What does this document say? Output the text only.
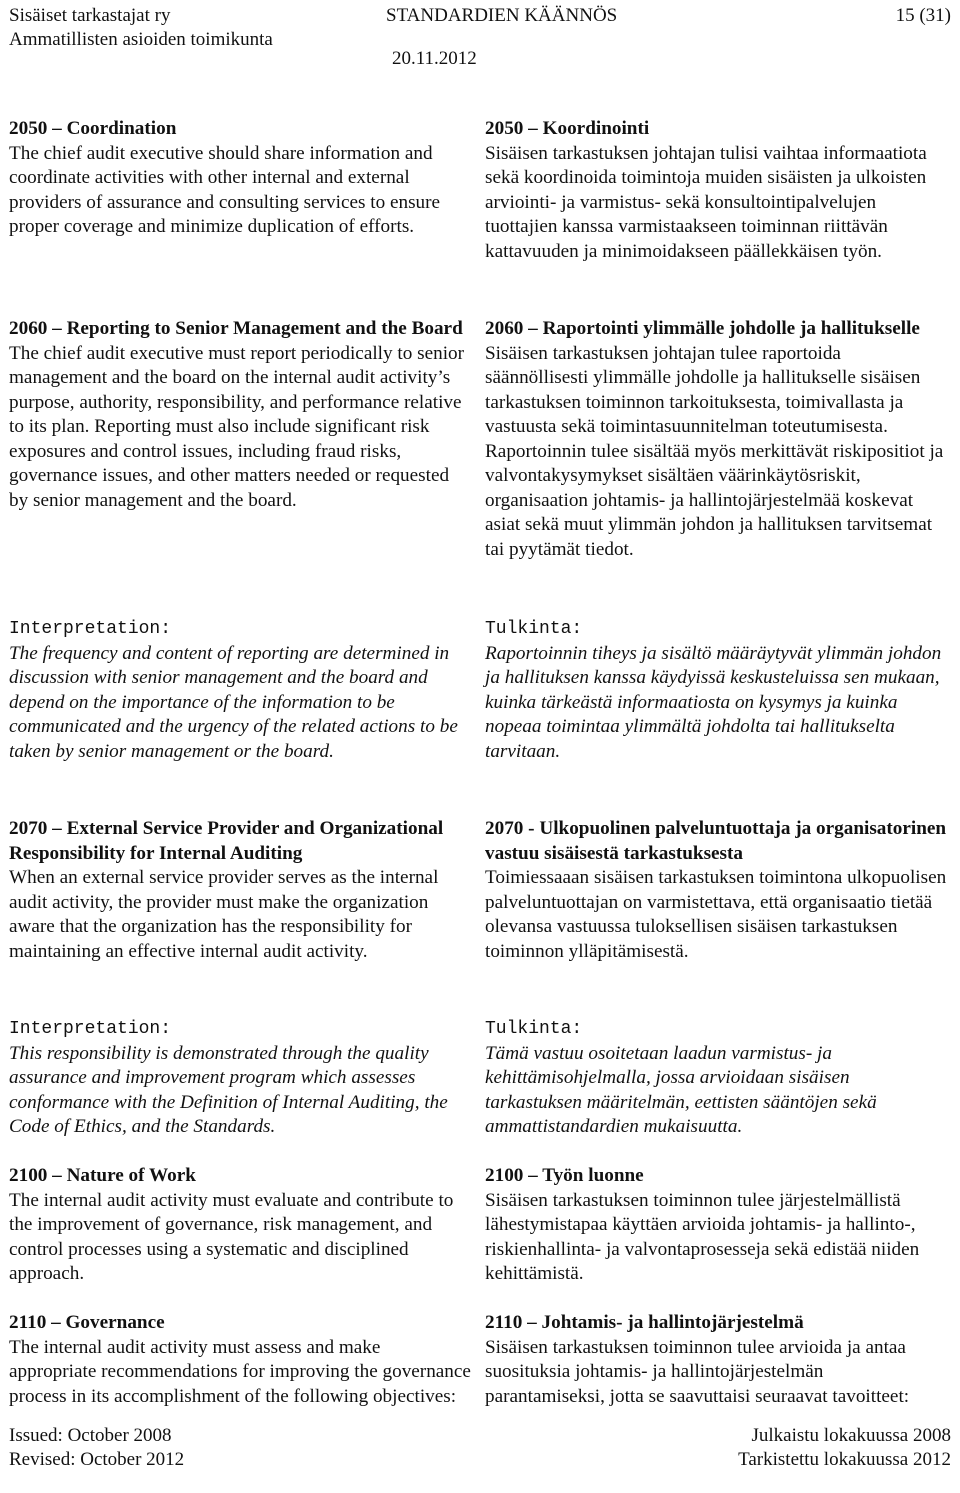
Sisäiset tarkastajat ry
Ammatillisten asioiden toimikunta
STANDARDIEN KÄÄNNÖS	15 (31)
20.11.2012

2050 – Coordination

The chief audit executive should share information and coordinate activities with other internal and external providers of assurance and consulting services to ensure proper coverage and minimize duplication of efforts.

2060 – Reporting to Senior Management and the Board

The chief audit executive must report periodically to senior management and the board on the internal audit activity’s purpose, authority, responsibility, and performance relative to its plan. Reporting must also include significant risk exposures and control issues, including fraud risks, governance issues, and other matters needed or requested by senior management and the board.

Interpretation:

The frequency and content of reporting are determined in discussion with senior management and the board and depend on the importance of the information to be communicated and the urgency of the related actions to be taken by senior management or the board.

2070 – External Service Provider and Organizational Responsibility for Internal Auditing

When an external service provider serves as the internal audit activity, the provider must make the organization aware that the organization has the responsibility for maintaining an effective internal audit activity.

Interpretation:

This responsibility is demonstrated through the quality assurance and improvement program which assesses conformance with the Definition of Internal Auditing, the Code of Ethics, and the Standards.

2100 – Nature of Work

The internal audit activity must evaluate and contribute to the improvement of governance, risk management, and control processes using a systematic and disciplined approach.

2110 – Governance

The internal audit activity must assess and make appropriate recommendations for improving the governance process in its accomplishment of the following objectives:

2050 – Koordinointi

Sisäisen tarkastuksen johtajan tulisi vaihtaa informaatiota sekä koordinoida toimintoja muiden sisäisten ja ulkoisten arviointi- ja varmistus- sekä konsultointipalvelujen tuottajien kanssa varmistaakseen toiminnan riittävän kattavuuden ja minimoidakseen päällekkäisen työn.

2060 – Raportointi ylimmälle johdolle ja hallitukselle

Sisäisen tarkastuksen johtajan tulee raportoida säännöllisesti ylimmälle johdolle ja hallitukselle sisäisen tarkastuksen toiminnon tarkoituksesta, toimivallasta ja vastuusta sekä toimintasuunnitelman toteutumisesta. Raportoinnin tulee sisältää myös merkittävät riskipositiot ja valvontakysymykset sisältäen väärinkäytösriskit, organisaation johtamis- ja hallintojärjestelmää koskevat asiat sekä muut ylimmän johdon ja hallituksen tarvitsemat tai pyytämät tiedot.

Tulkinta:

Raportoinnin tiheys ja sisältö määräytyvät ylimmän johdon ja hallituksen kanssa käydyissä keskusteluissa sen mukaan, kuinka tärkeästä informaatiosta on kysymys ja kuinka nopeaa toimintaa ylimmältä johdolta tai hallitukselta tarvitaan.

2070 - Ulkopuolinen palveluntuottaja ja organisatorinen vastuu sisäisestä tarkastuksesta

Toimiessaaan sisäisen tarkastuksen toimintona ulkopuolisen palveluntuottajan on varmistettava, että organisaatio tietää olevansa vastuussa tuloksellisen sisäisen tarkastuksen toiminnon ylläpitämisestä.

Tulkinta:

Tämä vastuu osoitetaan laadun varmistus- ja kehittämisohjelmalla, jossa arvioidaan sisäisen tarkastuksen määritelmän, eettisten sääntöjen sekä ammattistandardien mukaisuutta.

2100 – Työn luonne

Sisäisen tarkastuksen toiminnon tulee järjestelmällistä lähestymistapaa käyttäen arvioida johtamis- ja hallinto-, riskienhallinta- ja valvontaprosesseja sekä edistää niiden kehittämistä.

2110 – Johtamis- ja hallintojärjestelmä

Sisäisen tarkastuksen toiminnon tulee arvioida ja antaa suosituksia johtamis- ja hallintojärjestelmän parantamiseksi, jotta se saavuttaisi seuraavat tavoitteet:

Issued: October 2008
Revised: October 2012
Julkaistu lokakuussa 2008
Tarkistettu lokakuussa 2012
